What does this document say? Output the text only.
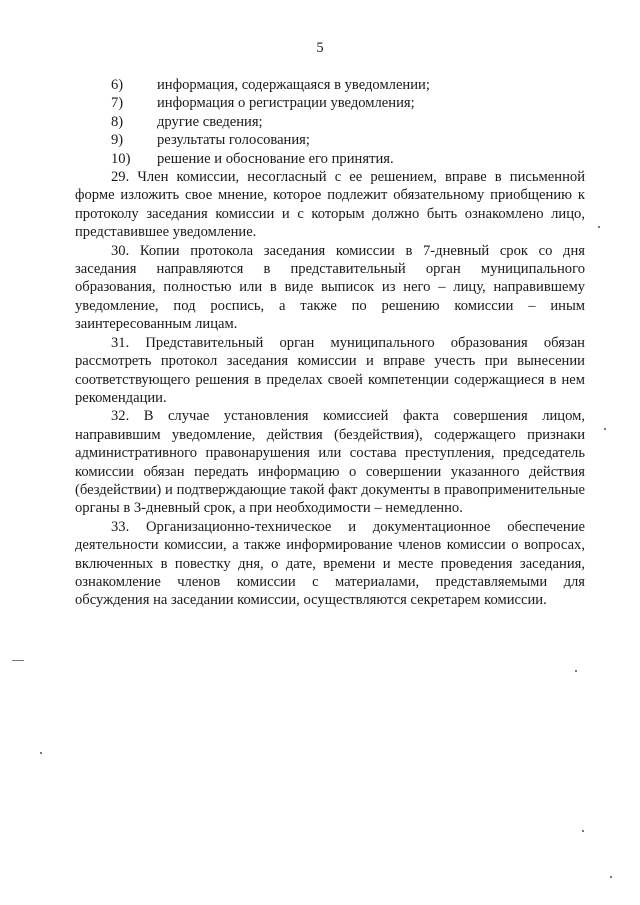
5
6)	информация, содержащаяся в уведомлении;
7)	информация о регистрации уведомления;
8)	другие сведения;
9)	результаты голосования;
10)	решение и обоснование его принятия.

29. Член комиссии, несогласный с ее решением, вправе в письменной форме изложить свое мнение, которое подлежит обязательному приобщению к протоколу заседания комиссии и с которым должно быть ознакомлено лицо, представившее уведомление.

30. Копии протокола заседания комиссии в 7-дневный срок со дня заседания направляются в представительный орган муниципального образования, полностью или в виде выписок из него – лицу, направившему уведомление, под роспись, а также по решению комиссии – иным заинтересованным лицам.

31. Представительный орган муниципального образования обязан рассмотреть протокол заседания комиссии и вправе учесть при вынесении соответствующего решения в пределах своей компетенции содержащиеся в нем рекомендации.

32. В случае установления комиссией факта совершения лицом, направившим уведомление, действия (бездействия), содержащего признаки административного правонарушения или состава преступления, председатель комиссии обязан передать информацию о совершении указанного действия (бездействии) и подтверждающие такой факт документы в правоприменительные органы в 3-дневный срок, а при необходимости – немедленно.

33. Организационно-техническое и документационное обеспечение деятельности комиссии, а также информирование членов комиссии о вопросах, включенных в повестку дня, о дате, времени и месте проведения заседания, ознакомление членов комиссии с материалами, представляемыми для обсуждения на заседании комиссии, осуществляются секретарем комиссии.
